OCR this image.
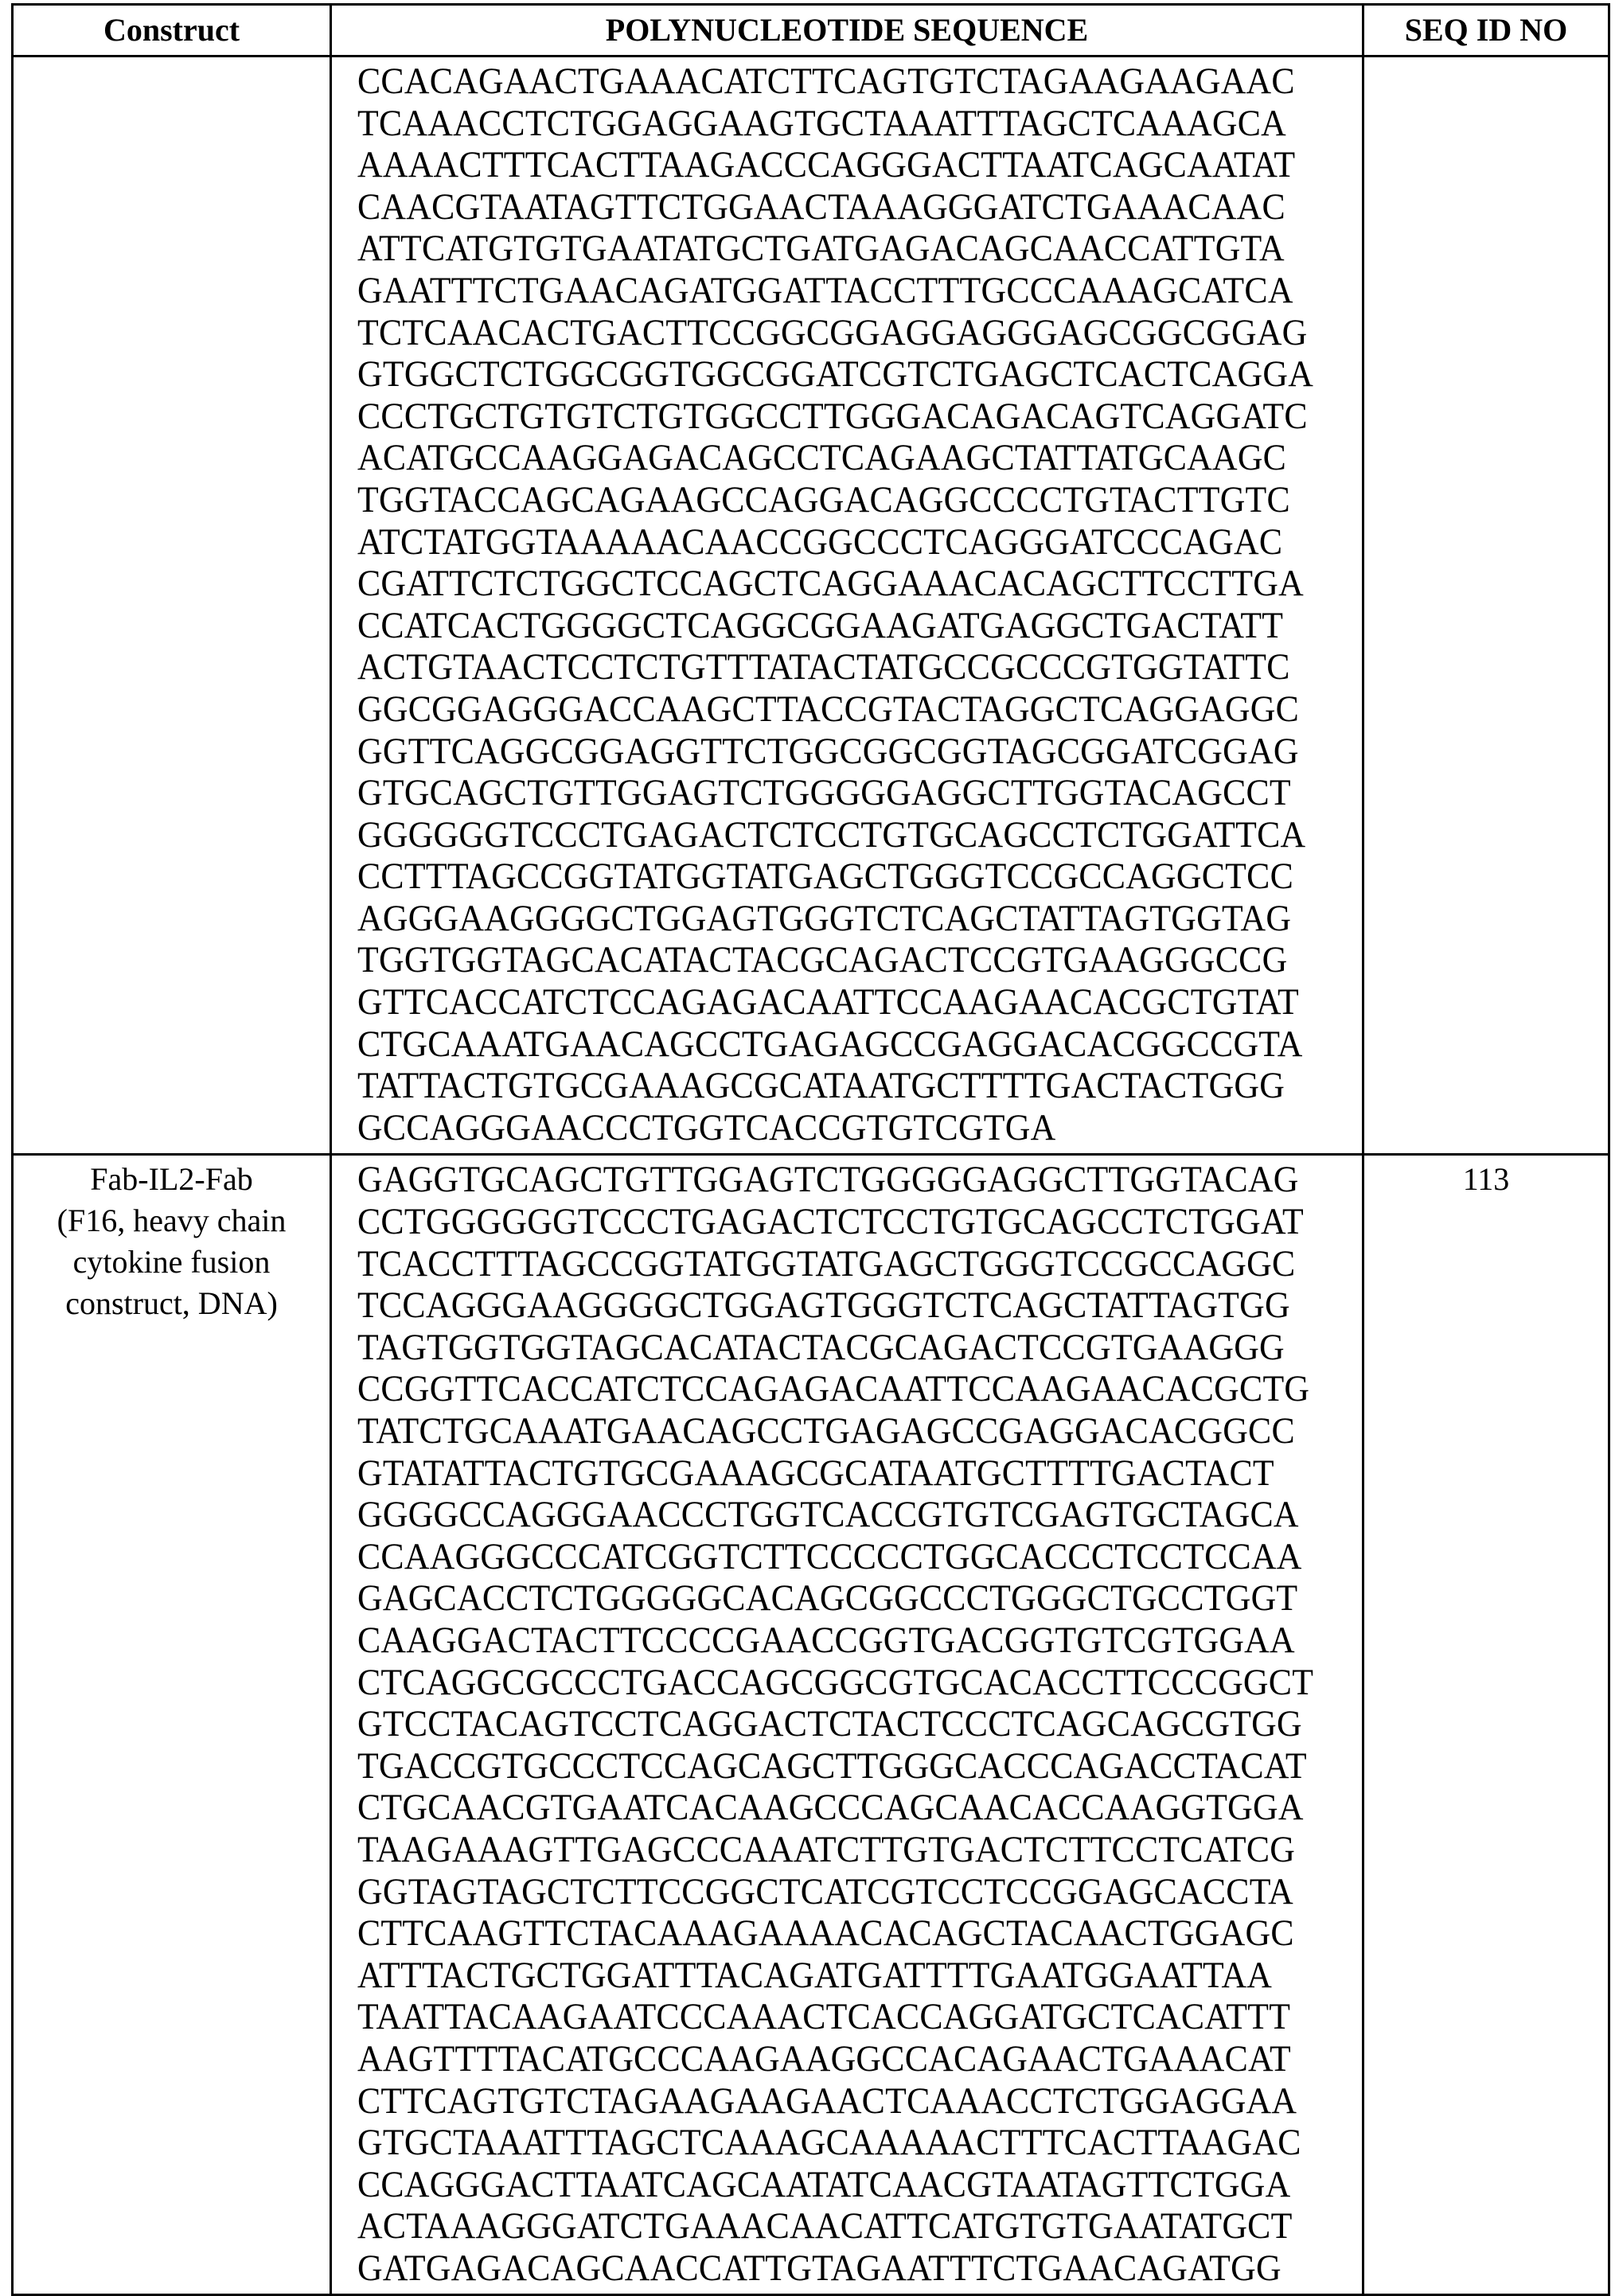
Construct	POLYNUCLEOTIDE SEQUENCE	SEQ ID NO

CCACAGAACTGAAACATCTTCAGTGTCTAGAAGAAGAAC
TCAAACCTCTGGAGGAAGTGCTAAATTTAGCTCAAAGCA
AAAACTTTCACTTAAGACCCAGGGACTTAATCAGCAATAT
CAACGTAATAGTTCTGGAACTAAAGGGATCTGAAACAAC
ATTCATGTGTGAATATGCTGATGAGACAGCAACCATTGTA
GAATTTCTGAACAGATGGATTACCTTTGCCCAAAGCATCA
TCTCAACACTGACTTCCGGCGGAGGAGGGAGCGGCGGAG
GTGGCTCTGGCGGTGGCGGATCGTCTGAGCTCACTCAGGA
CCCTGCTGTGTCTGTGGCCTTGGGACAGACAGTCAGGATC
ACATGCCAAGGAGACAGCCTCAGAAGCTATTATGCAAGC
TGGTACCAGCAGAAGCCAGGACAGGCCCCTGTACTTGTC
ATCTATGGTAAAAACAACCGGCCCTCAGGGATCCCAGAC
CGATTCTCTGGCTCCAGCTCAGGAAACACAGCTTCCTTGA
CCATCACTGGGGCTCAGGCGGAAGATGAGGCTGACTATT
ACTGTAACTCCTCTGTTTATACTATGCCGCCCGTGGTATTC
GGCGGAGGGACCAAGCTTACCGTACTAGGCTCAGGAGGC
GGTTCAGGCGGAGGTTCTGGCGGCGGTAGCGGATCGGAG
GTGCAGCTGTTGGAGTCTGGGGGAGGCTTGGTACAGCCT
GGGGGGTCCCTGAGACTCTCCTGTGCAGCCTCTGGATTCA
CCTTTAGCCGGTATGGTATGAGCTGGGTCCGCCAGGCTCC
AGGGAAGGGGCTGGAGTGGGTCTCAGCTATTAGTGGTAG
TGGTGGTAGCACATACTACGCAGACTCCGTGAAGGGCCG
GTTCACCATCTCCAGAGACAATTCCAAGAACACGCTGTAT
CTGCAAATGAACAGCCTGAGAGCCGAGGACACGGCCGTA
TATTACTGTGCGAAAGCGCATAATGCTTTTGACTACTGGG
GCCAGGGAACCCTGGTCACCGTGTCGTGA

Fab-IL2-Fab
(F16, heavy chain
cytokine fusion
construct, DNA)

GAGGTGCAGCTGTTGGAGTCTGGGGGAGGCTTGGTACAG
CCTGGGGGGTCCCTGAGACTCTCCTGTGCAGCCTCTGGAT
TCACCTTTAGCCGGTATGGTATGAGCTGGGTCCGCCAGGC
TCCAGGGAAGGGGCTGGAGTGGGTCTCAGCTATTAGTGG
TAGTGGTGGTAGCACATACTACGCAGACTCCGTGAAGGG
CCGGTTCACCATCTCCAGAGACAATTCCAAGAACACGCTG
TATCTGCAAATGAACAGCCTGAGAGCCGAGGACACGGCC
GTATATTACTGTGCGAAAGCGCATAATGCTTTTGACTACT
GGGGCCAGGGAACCCTGGTCACCGTGTCGAGTGCTAGCA
CCAAGGGCCCATCGGTCTTCCCCCTGGCACCCTCCTCCAA
GAGCACCTCTGGGGGCACAGCGGCCCTGGGCTGCCTGGT
CAAGGACTACTTCCCCGAACCGGTGACGGTGTCGTGGAA
CTCAGGCGCCCTGACCAGCGGCGTGCACACCTTCCCGGCT
GTCCTACAGTCCTCAGGACTCTACTCCCTCAGCAGCGTGG
TGACCGTGCCCTCCAGCAGCTTGGGCACCCAGACCTACAT
CTGCAACGTGAATCACAAGCCCAGCAACACCAAGGTGGA
TAAGAAAGTTGAGCCCAAATCTTGTGACTCTTCCTCATCG
GGTAGTAGCTCTTCCGGCTCATCGTCCTCCGGAGCACCTA
CTTCAAGTTCTACAAAGAAAACACAGCTACAACTGGAGC
ATTTACTGCTGGATTTACAGATGATTTTGAATGGAATTAA
TAATTACAAGAATCCCAAACTCACCAGGATGCTCACATTT
AAGTTTTACATGCCCAAGAAGGCCACAGAACTGAAACAT
CTTCAGTGTCTAGAAGAAGAACTCAAACCTCTGGAGGAA
GTGCTAAATTTAGCTCAAAGCAAAAACTTTCACTTAAGAC
CCAGGGACTTAATCAGCAATATCAACGTAATAGTTCTGGA
ACTAAAGGGATCTGAAACAACATTCATGTGTGAATATGCT
GATGAGACAGCAACCATTGTAGAATTTCTGAACAGATGG
	113
